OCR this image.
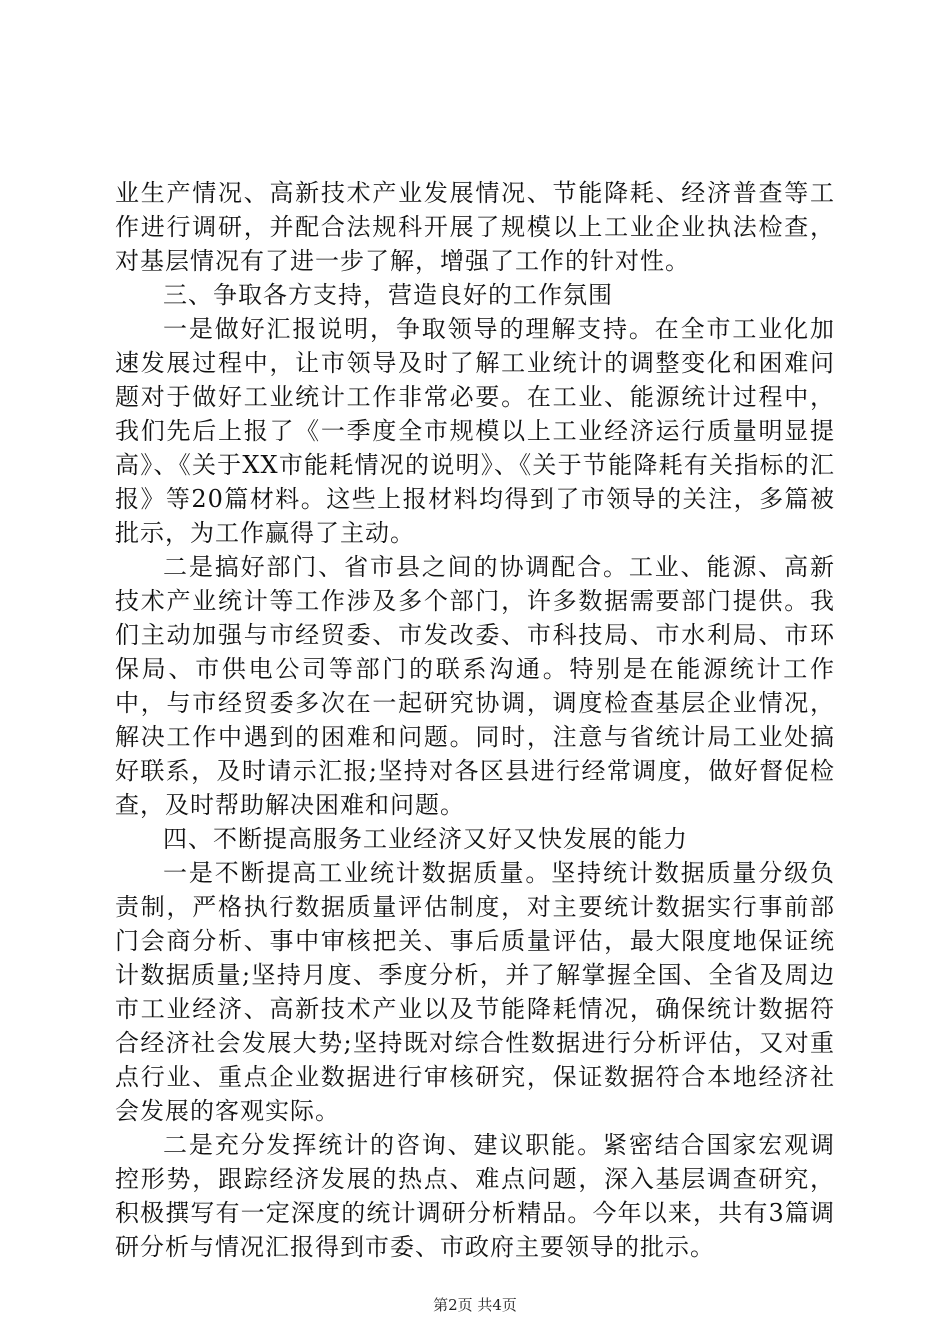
业生产情况、高新技术产业发展情况、节能降耗、经济普查等工作进行调研，并配合法规科开展了规模以上工业企业执法检查，对基层情况有了进一步了解，增强了工作的针对性。

三、争取各方支持，营造良好的工作氛围

一是做好汇报说明，争取领导的理解支持。在全市工业化加速发展过程中，让市领导及时了解工业统计的调整变化和困难问题对于做好工业统计工作非常必要。在工业、能源统计过程中，我们先后上报了《一季度全市规模以上工业经济运行质量明显提高》、《关于XX市能耗情况的说明》、《关于节能降耗有关指标的汇报》等20篇材料。这些上报材料均得到了市领导的关注，多篇被批示，为工作赢得了主动。

二是搞好部门、省市县之间的协调配合。工业、能源、高新技术产业统计等工作涉及多个部门，许多数据需要部门提供。我们主动加强与市经贸委、市发改委、市科技局、市水利局、市环保局、市供电公司等部门的联系沟通。特别是在能源统计工作中，与市经贸委多次在一起研究协调，调度检查基层企业情况，解决工作中遇到的困难和问题。同时，注意与省统计局工业处搞好联系，及时请示汇报;坚持对各区县进行经常调度，做好督促检查，及时帮助解决困难和问题。

四、不断提高服务工业经济又好又快发展的能力

一是不断提高工业统计数据质量。坚持统计数据质量分级负责制，严格执行数据质量评估制度，对主要统计数据实行事前部门会商分析、事中审核把关、事后质量评估，最大限度地保证统计数据质量;坚持月度、季度分析，并了解掌握全国、全省及周边市工业经济、高新技术产业以及节能降耗情况，确保统计数据符合经济社会发展大势;坚持既对综合性数据进行分析评估，又对重点行业、重点企业数据进行审核研究，保证数据符合本地经济社会发展的客观实际。

二是充分发挥统计的咨询、建议职能。紧密结合国家宏观调控形势，跟踪经济发展的热点、难点问题，深入基层调查研究，积极撰写有一定深度的统计调研分析精品。今年以来，共有3篇调研分析与情况汇报得到市委、市政府主要领导的批示。

第2页 共4页
